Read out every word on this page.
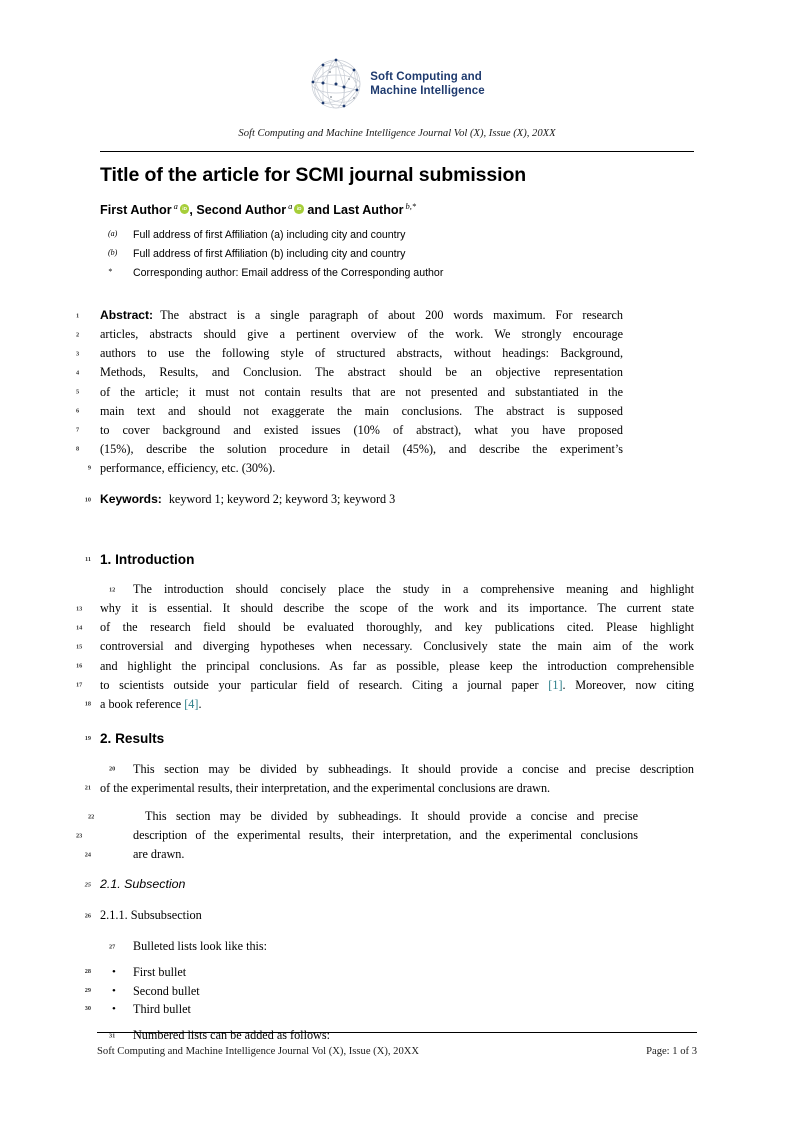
Soft Computing and
Machine Intelligence
Soft Computing and Machine Intelligence Journal Vol (X), Issue (X), 20XX
Title of the article for SCMI journal submission
First Author $^a$ iD , Second Author $^a$ iD and Last Author $^{b,*}$
(a) Full address of first Affiliation (a) including city and country
(b) Full address of first Affiliation (b) including city and country
* Corresponding author: Email address of the Corresponding author
1	Abstract: The abstract is a single paragraph of about 200 words maximum. For research
2	articles, abstracts should give a pertinent overview of the work. We strongly encourage
3	authors to use the following style of structured abstracts, without headings: Background,
4	Methods, Results, and Conclusion. The abstract should be an objective representation
5	of the article; it must not contain results that are not presented and substantiated in the
6	main text and should not exaggerate the main conclusions. The abstract is supposed
7	to cover background and existed issues (10% of abstract), what you have proposed
8	(15%), describe the solution procedure in detail (45%), and describe the experiment’s
9 performance, efficiency, etc. (30%).
10 Keywords: keyword 1; keyword 2; keyword 3; keyword 3
11 1. Introduction
12 The introduction should concisely place the study in a comprehensive meaning and highlight
13	why it is essential. It should describe the scope of the work and its importance. The current state
14	of the research field should be evaluated thoroughly, and key publications cited. Please highlight
15	controversial and diverging hypotheses when necessary. Conclusively state the main aim of the work
16	and highlight the principal conclusions. As far as possible, please keep the introduction comprehensible
17	to scientists outside your particular field of research. Citing a journal paper [1]. Moreover, now citing
18 a book reference [4].
19 2. Results
20 This section may be divided by subheadings. It should provide a concise and precise description
21 of the experimental results, their interpretation, and the experimental conclusions are drawn.
22	This section may be divided by subheadings. It should provide a concise and precise
23	description of the experimental results, their interpretation, and the experimental conclusions
24	are drawn.
25 2.1. Subsection
26 2.1.1. Subsubsection
27 Bulleted lists look like this:
28 • First bullet
29 • Second bullet
30 • Third bullet
31 Numbered lists can be added as follows:
Soft Computing and Machine Intelligence Journal Vol (X), Issue (X), 20XX	Page: 1 of 3
